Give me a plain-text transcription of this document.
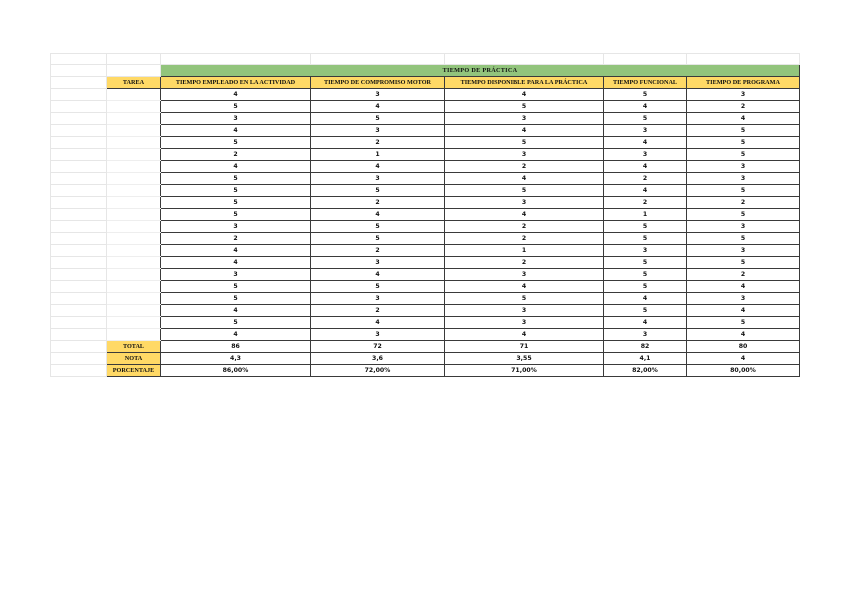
		TIEMPO DE PRÁCTICA				
	TAREA	TIEMPO EMPLEADO EN LA ACTIVIDAD	TIEMPO DE COMPROMISO MOTOR	TIEMPO DISPONIBLE PARA LA PRÁCTICA	TIEMPO FUNCIONAL	TIEMPO DE PROGRAMA
		4	3	4	5	3
		5	4	5	4	2
		3	5	3	5	4
		4	3	4	3	5
		5	2	5	4	5
		2	1	3	3	5
		4	4	2	4	3
		5	3	4	2	3
		5	5	5	4	5
		5	2	3	2	2
		5	4	4	1	5
		3	5	2	5	3
		2	5	2	5	5
		4	2	1	3	3
		4	3	2	5	5
		3	4	3	5	2
		5	5	4	5	4
		5	3	5	4	3
		4	2	3	5	4
		5	4	3	4	5
		4	3	4	3	4
	TOTAL	86	72	71	82	80
	NOTA	4,3	3,6	3,55	4,1	4
	PORCENTAJE	86,00%	72,00%	71,00%	82,00%	80,00%
